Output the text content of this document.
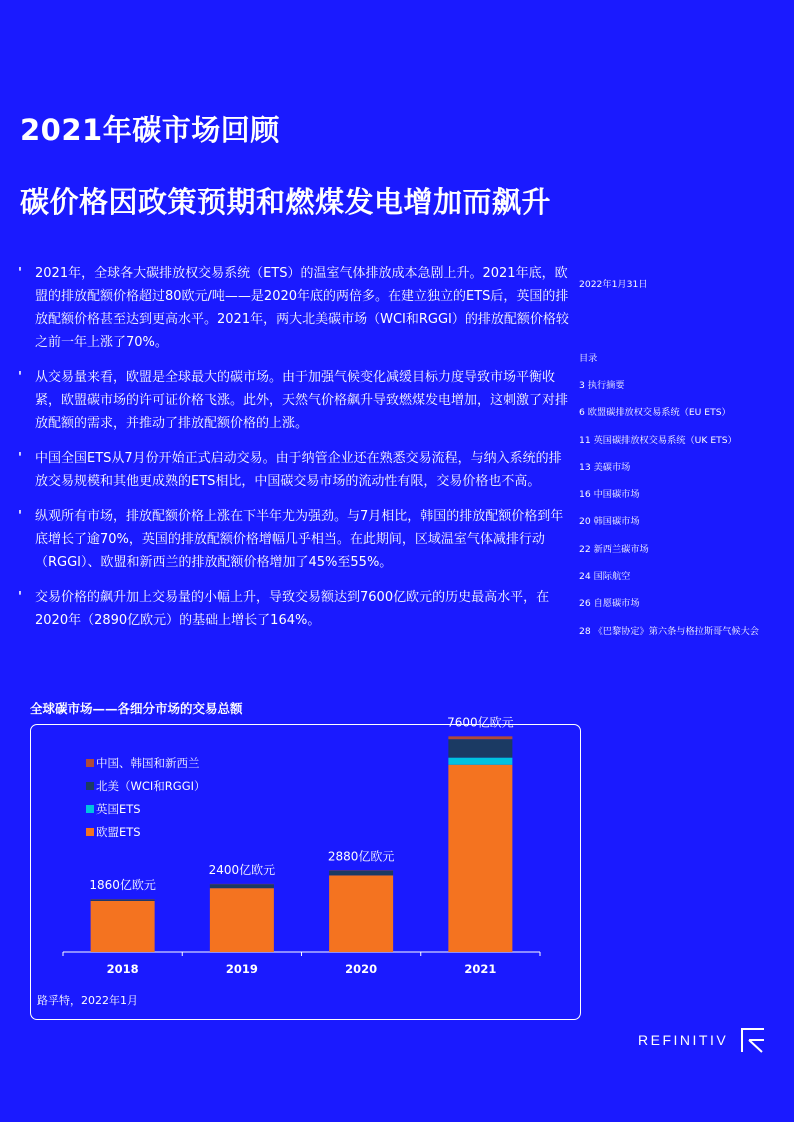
2021年碳市场回顾
碳价格因政策预期和燃煤发电增加而飙升
' 2021年，全球各大碳排放权交易系统（ETS）的温室气体排放成本急剧上升。2021年底，欧盟的排放配额价格超过80欧元/吨——是2020年底的两倍多。在建立独立的ETS后，英国的排放配额价格甚至达到更高水平。2021年，两大北美碳市场（WCI和RGGI）的排放配额价格较之前一年上涨了70%。
' 从交易量来看，欧盟是全球最大的碳市场。由于加强气候变化减缓目标力度导致市场平衡收紧，欧盟碳市场的许可证价格飞涨。此外，天然气价格飙升导致燃煤发电增加，这刺激了对排放配额的需求，并推动了排放配额价格的上涨。
' 中国全国ETS从7月份开始正式启动交易。由于纳管企业还在熟悉交易流程，与纳入系统的排放交易规模和其他更成熟的ETS相比，中国碳交易市场的流动性有限，交易价格也不高。
' 纵观所有市场，排放配额价格上涨在下半年尤为强劲。与7月相比，韩国的排放配额价格到年底增长了逾70%，英国的排放配额价格增幅几乎相当。在此期间，区域温室气体减排行动（RGGI）、欧盟和新西兰的排放配额价格增加了45%至55%。
' 交易价格的飙升加上交易量的小幅上升，导致交易额达到7600亿欧元的历史最高水平，在2020年（2890亿欧元）的基础上增长了164%。
2022年1月31日
目录
3 执行摘要
6 欧盟碳排放权交易系统（EU ETS）
11 英国碳排放权交易系统（UK ETS）
13 美碳市场
16 中国碳市场
20 韩国碳市场
22 新西兰碳市场
24 国际航空
26 自愿碳市场
28 《巴黎协定》第六条与格拉斯哥气候大会
全球碳市场——各细分市场的交易总额
1860亿欧元
2018
2400亿欧元
2019
2880亿欧元
2020
7600亿欧元
2021
中国、韩国和新西兰
北美（WCI和RGGI）
英国ETS
欧盟ETS
路孚特，2022年1月
REFINITIV
